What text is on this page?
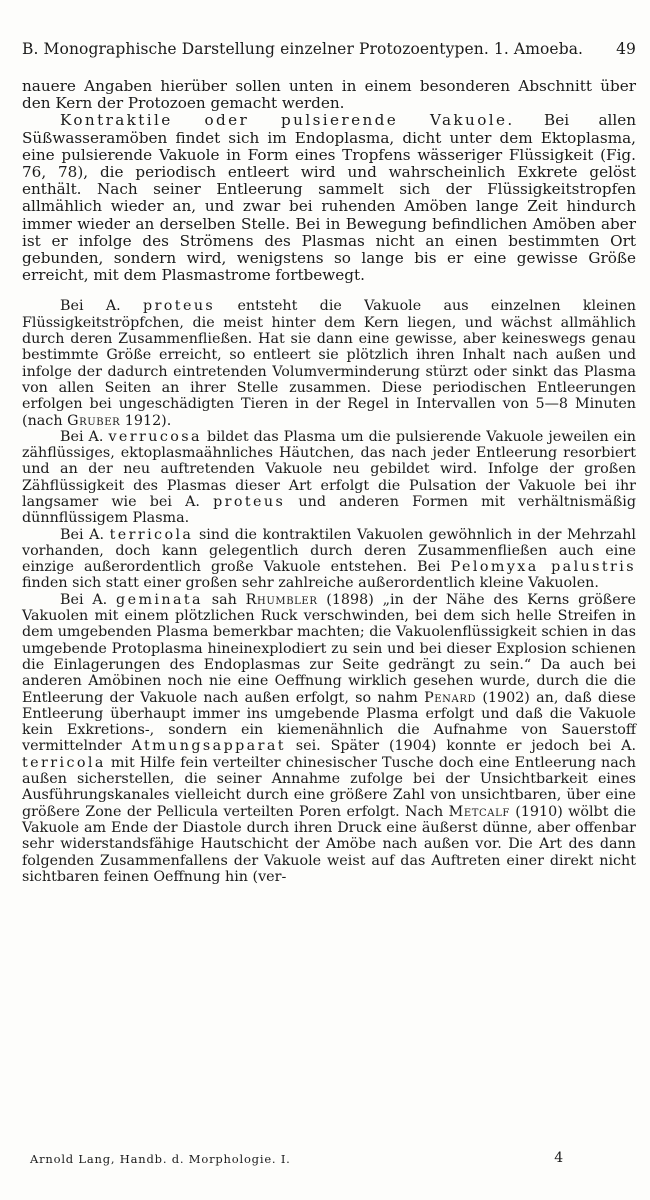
B. Monographische Darstellung einzelner Protozoentypen. 1. Amoeba. 49

nauere Angaben hierüber sollen unten in einem besonderen Abschnitt über den Kern der Protozoen gemacht werden.

Kontraktile oder pulsierende Vakuole. Bei allen Süßwasseramöben findet sich im Endoplasma, dicht unter dem Ektoplasma, eine pulsierende Vakuole in Form eines Tropfens wässeriger Flüssigkeit (Fig. 76, 78), die periodisch entleert wird und wahrscheinlich Exkrete gelöst enthält. Nach seiner Entleerung sammelt sich der Flüssigkeitstropfen allmählich wieder an, und zwar bei ruhenden Amöben lange Zeit hindurch immer wieder an derselben Stelle. Bei in Bewegung befindlichen Amöben aber ist er infolge des Strömens des Plasmas nicht an einen bestimmten Ort gebunden, sondern wird, wenigstens so lange bis er eine gewisse Größe erreicht, mit dem Plasmastrome fortbewegt.

Bei A. proteus entsteht die Vakuole aus einzelnen kleinen Flüssigkeitströpfchen, die meist hinter dem Kern liegen, und wächst allmählich durch deren Zusammenfließen. Hat sie dann eine gewisse, aber keineswegs genau bestimmte Größe erreicht, so entleert sie plötzlich ihren Inhalt nach außen und infolge der dadurch eintretenden Volumverminderung stürzt oder sinkt das Plasma von allen Seiten an ihrer Stelle zusammen. Diese periodischen Entleerungen erfolgen bei ungeschädigten Tieren in der Regel in Intervallen von 5—8 Minuten (nach Gruber 1912).

Bei A. verrucosa bildet das Plasma um die pulsierende Vakuole jeweilen ein zähflüssiges, ektoplasmaähnliches Häutchen, das nach jeder Entleerung resorbiert und an der neu auftretenden Vakuole neu gebildet wird. Infolge der großen Zähflüssigkeit des Plasmas dieser Art erfolgt die Pulsation der Vakuole bei ihr langsamer wie bei A. proteus und anderen Formen mit verhältnismäßig dünnflüssigem Plasma.

Bei A. terricola sind die kontraktilen Vakuolen gewöhnlich in der Mehrzahl vorhanden, doch kann gelegentlich durch deren Zusammenfließen auch eine einzige außerordentlich große Vakuole entstehen. Bei Pelomyxa palustris finden sich statt einer großen sehr zahlreiche außerordentlich kleine Vakuolen.

Bei A. geminata sah Rhumbler (1898) „in der Nähe des Kerns größere Vakuolen mit einem plötzlichen Ruck verschwinden, bei dem sich helle Streifen in dem umgebenden Plasma bemerkbar machten; die Vakuolenflüssigkeit schien in das umgebende Protoplasma hineinexplodiert zu sein und bei dieser Explosion schienen die Einlagerungen des Endoplasmas zur Seite gedrängt zu sein.“ Da auch bei anderen Amöbinen noch nie eine Oeffnung wirklich gesehen wurde, durch die die Entleerung der Vakuole nach außen erfolgt, so nahm Penard (1902) an, daß diese Entleerung überhaupt immer ins umgebende Plasma erfolgt und daß die Vakuole kein Exkretions-, sondern ein kiemenähnlich die Aufnahme von Sauerstoff vermittelnder Atmungsapparat sei. Später (1904) konnte er jedoch bei A. terricola mit Hilfe fein verteilter chinesischer Tusche doch eine Entleerung nach außen sicherstellen, die seiner Annahme zufolge bei der Unsichtbarkeit eines Ausführungskanales vielleicht durch eine größere Zahl von unsichtbaren, über eine größere Zone der Pellicula verteilten Poren erfolgt. Nach Metcalf (1910) wölbt die Vakuole am Ende der Diastole durch ihren Druck eine äußerst dünne, aber offenbar sehr widerstandsfähige Hautschicht der Amöbe nach außen vor. Die Art des dann folgenden Zusammenfallens der Vakuole weist auf das Auftreten einer direkt nicht sichtbaren feinen Oeffnung hin (ver-

Arnold Lang, Handb. d. Morphologie. I.	4
